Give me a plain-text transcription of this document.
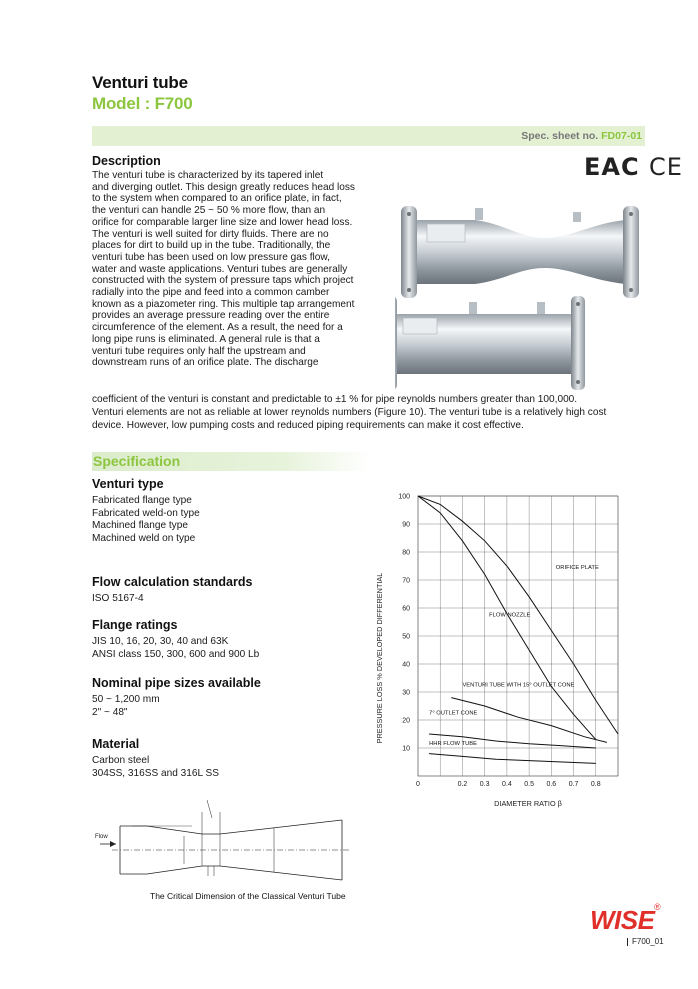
Venturi tube
Model : F700
Spec. sheet no. FD07-01
EAC CE
Description
The venturi tube is characterized by its tapered inlet
and diverging outlet. This design greatly reduces head loss
to the system when compared to an orifice plate, in fact,
the venturi can handle 25 ~ 50 % more flow, than an
orifice for comparable larger line size and lower head loss.
The venturi is well suited for dirty fluids. There are no
places for dirt to build up in the tube. Traditionally, the
venturi tube has been used on low pressure gas flow,
water and waste applications. Venturi tubes are generally
constructed with the system of pressure taps which project
radially into the pipe and feed into a common camber
known as a piazometer ring. This multiple tap arrangement
provides an average pressure reading over the entire
circumference of the element. As a result, the need for a
long pipe runs is eliminated. A general rule is that a
venturi tube requires only half the upstream and
downstream runs of an orifice plate. The discharge
coefficient of the venturi is constant and predictable to ±1 % for pipe reynolds numbers greater than 100,000.
Venturi elements are not as reliable at lower reynolds numbers (Figure 10). The venturi tube is a relatively high cost
device. However, low pumping costs and reduced piping requirements can make it cost effective.
Specification
Venturi type
Fabricated flange type
Fabricated weld-on type
Machined flange type
Machined weld on type
Flow calculation standards
ISO 5167-4
Flange ratings
JIS 10, 16, 20, 30, 40 and 63K
ANSI class 150, 300, 600 and 900 Lb
Nominal pipe sizes available
50 ~ 1,200 mm
2" ~ 48"
Material
Carbon steel
304SS, 316SS and 316L SS
ORIFICE PLATE
FLOW NOZZLE
VENTURI TUBE WITH 15° OUTLET CONE
7° OUTLET CONE
HHR FLOW TUBE
10
20
30
40
50
60
70
80
90
100
0	0.2 0.3 0.4 0.5 0.6 0.7 0.8
PRESSURE LOSS % DEVELOPED DIFFERENTIAL
DIAMETER RATIO β
Flow
The Critical Dimension of the Classical Venturi Tube
WISE ®
F700_01
